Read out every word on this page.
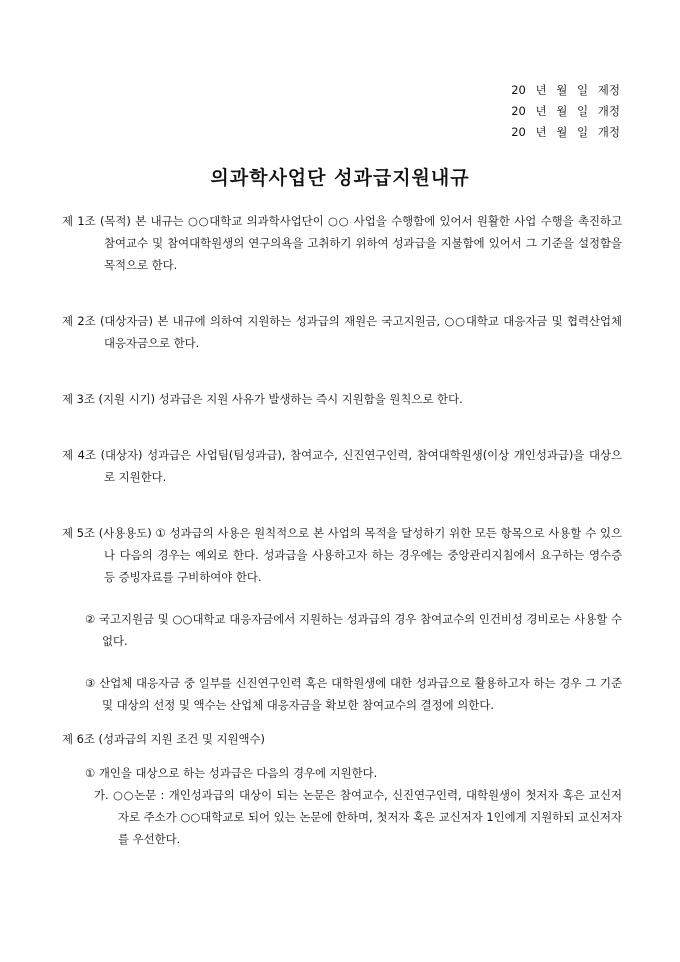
20 년 월 일 제정
20 년 월 일 개정
20 년 월 일 개정
의과학사업단 성과급지원내규

제 1조 (목적) 본 내규는 ○○대학교 의과학사업단이 ○○ 사업을 수행함에 있어서 원활한 사업 수행을 촉진하고 참여교수 및 참여대학원생의 연구의욕을 고취하기 위하여 성과급을 지불함에 있어서 그 기준을 설정함을 목적으로 한다.

제 2조 (대상자금) 본 내규에 의하여 지원하는 성과급의 재원은 국고지원금, ○○대학교 대응자금 및 협력산업체 대응자금으로 한다.

제 3조 (지원 시기) 성과급은 지원 사유가 발생하는 즉시 지원함을 원칙으로 한다.

제 4조 (대상자) 성과급은 사업팀(팀성과급), 참여교수, 신진연구인력, 참여대학원생(이상 개인성과급)을 대상으로 지원한다.

제 5조 (사용용도) ① 성과급의 사용은 원칙적으로 본 사업의 목적을 달성하기 위한 모든 항목으로 사용할 수 있으나 다음의 경우는 예외로 한다. 성과급을 사용하고자 하는 경우에는 중앙관리지침에서 요구하는 영수증 등 증빙자료를 구비하여야 한다.

② 국고지원금 및 ○○대학교 대응자금에서 지원하는 성과급의 경우 참여교수의 인건비성 경비로는 사용할 수 없다.

③ 산업체 대응자금 중 일부를 신진연구인력 혹은 대학원생에 대한 성과급으로 활용하고자 하는 경우 그 기준 및 대상의 선정 및 액수는 산업체 대응자금을 확보한 참여교수의 결정에 의한다.

제 6조 (성과급의 지원 조건 및 지원액수)

① 개인을 대상으로 하는 성과급은 다음의 경우에 지원한다.

가. ○○논문 : 개인성과급의 대상이 되는 논문은 참여교수, 신진연구인력, 대학원생이 첫저자 혹은 교신저자로 주소가 ○○대학교로 되어 있는 논문에 한하며, 첫저자 혹은 교신저자 1인에게 지원하되 교신저자를 우선한다.
